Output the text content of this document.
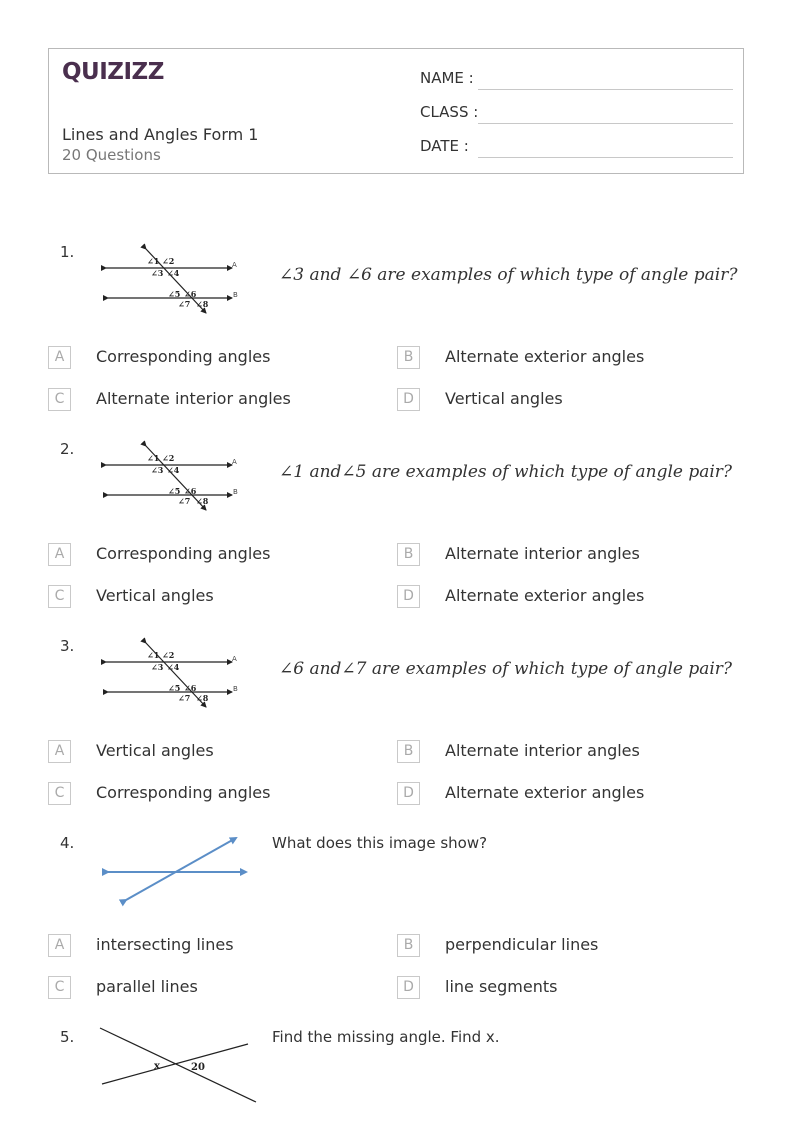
QUIZIZZ
Lines and Angles Form 1
20 Questions
NAME :
CLASS :
DATE :
1.	∠1 ∠2
∠3 ∠4
∠5 ∠6
∠7 ∠8
A
B
∠3 and ∠6 are examples of which type of angle pair?
A	Corresponding angles	B	Alternate exterior angles
C	Alternate interior angles	D	Vertical angles
2.	∠1 ∠2
∠3 ∠4
∠5 ∠6
∠7 ∠8
A
B
∠1 and∠5 are examples of which type of angle pair?
A	Corresponding angles	B	Alternate interior angles
C	Vertical angles	D	Alternate exterior angles
3.	∠1 ∠2
∠3 ∠4
∠5 ∠6
∠7 ∠8
A
B
∠6 and∠7 are examples of which type of angle pair?
A	Vertical angles	B	Alternate interior angles
C	Corresponding angles	D	Alternate exterior angles
4.	What does this image show?
A	intersecting lines	B	perpendicular lines
C	parallel lines	D	line segments
5.
x	20
Find the missing angle. Find x.
